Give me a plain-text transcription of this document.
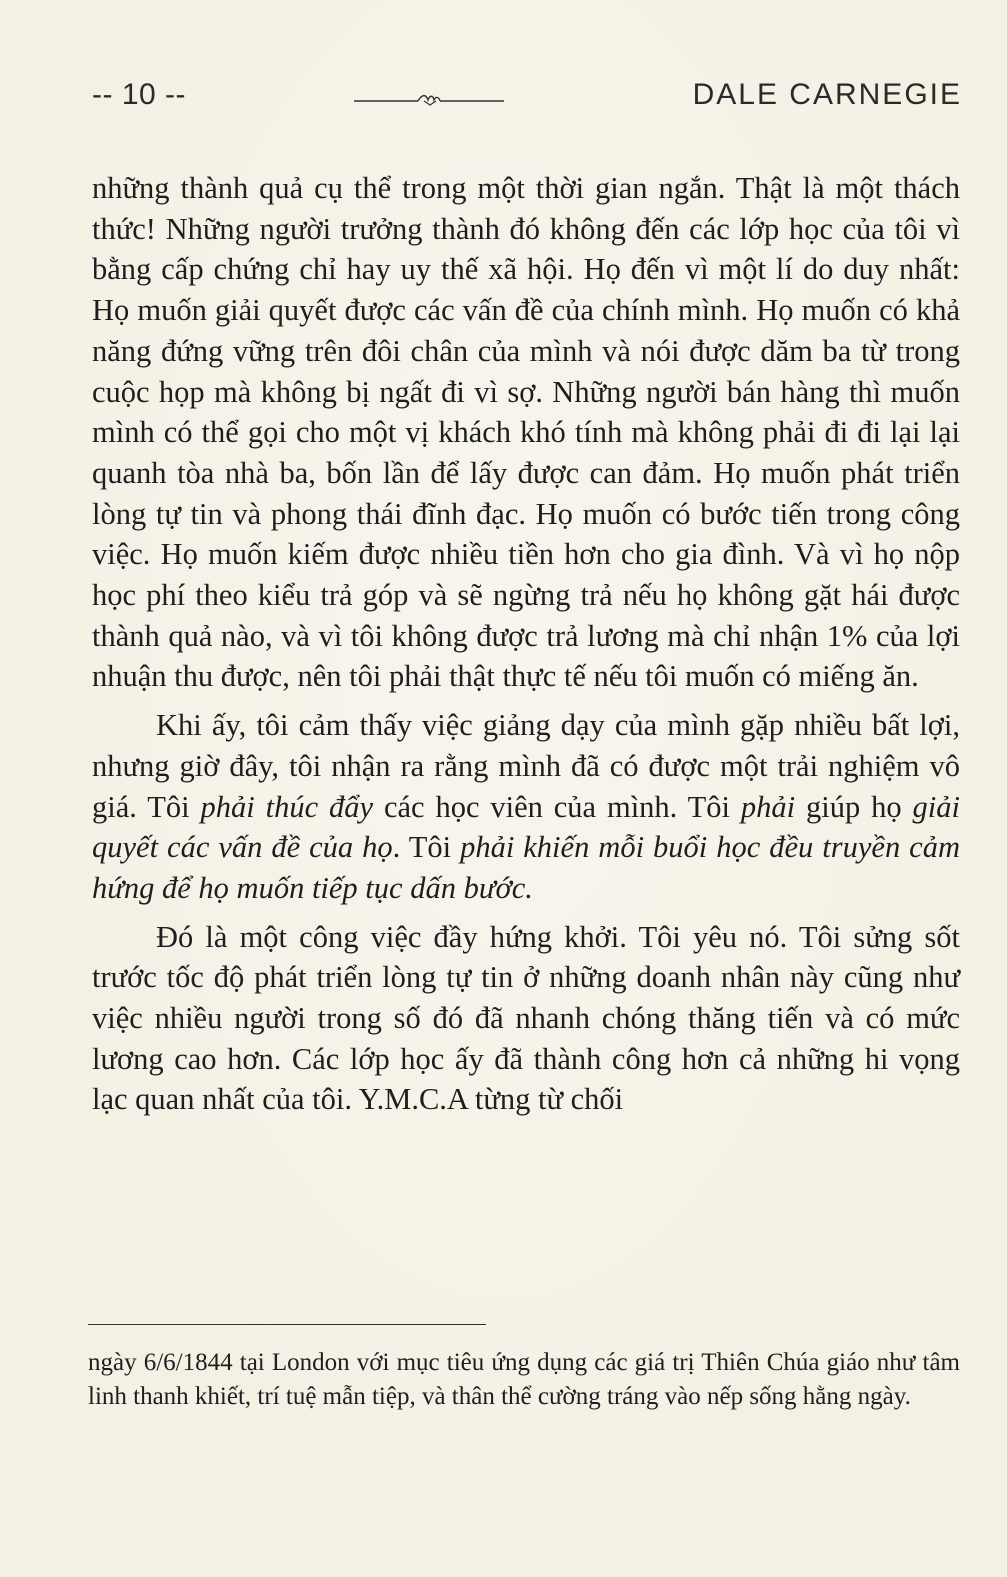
-- 10 --	DALE CARNEGIE

những thành quả cụ thể trong một thời gian ngắn. Thật là một thách thức! Những người trưởng thành đó không đến các lớp học của tôi vì bằng cấp chứng chỉ hay uy thế xã hội. Họ đến vì một lí do duy nhất: Họ muốn giải quyết được các vấn đề của chính mình. Họ muốn có khả năng đứng vững trên đôi chân của mình và nói được dăm ba từ trong cuộc họp mà không bị ngất đi vì sợ. Những người bán hàng thì muốn mình có thể gọi cho một vị khách khó tính mà không phải đi đi lại lại quanh tòa nhà ba, bốn lần để lấy được can đảm. Họ muốn phát triển lòng tự tin và phong thái đĩnh đạc. Họ muốn có bước tiến trong công việc. Họ muốn kiếm được nhiều tiền hơn cho gia đình. Và vì họ nộp học phí theo kiểu trả góp và sẽ ngừng trả nếu họ không gặt hái được thành quả nào, và vì tôi không được trả lương mà chỉ nhận 1% của lợi nhuận thu được, nên tôi phải thật thực tế nếu tôi muốn có miếng ăn.

Khi ấy, tôi cảm thấy việc giảng dạy của mình gặp nhiều bất lợi, nhưng giờ đây, tôi nhận ra rằng mình đã có được một trải nghiệm vô giá. Tôi phải thúc đẩy các học viên của mình. Tôi phải giúp họ giải quyết các vấn đề của họ. Tôi phải khiến mỗi buổi học đều truyền cảm hứng để họ muốn tiếp tục dấn bước.

Đó là một công việc đầy hứng khởi. Tôi yêu nó. Tôi sửng sốt trước tốc độ phát triển lòng tự tin ở những doanh nhân này cũng như việc nhiều người trong số đó đã nhanh chóng thăng tiến và có mức lương cao hơn. Các lớp học ấy đã thành công hơn cả những hi vọng lạc quan nhất của tôi. Y.M.C.A từng từ chối

ngày 6/6/1844 tại London với mục tiêu ứng dụng các giá trị Thiên Chúa giáo như tâm linh thanh khiết, trí tuệ mẫn tiệp, và thân thể cường tráng vào nếp sống hằng ngày.
